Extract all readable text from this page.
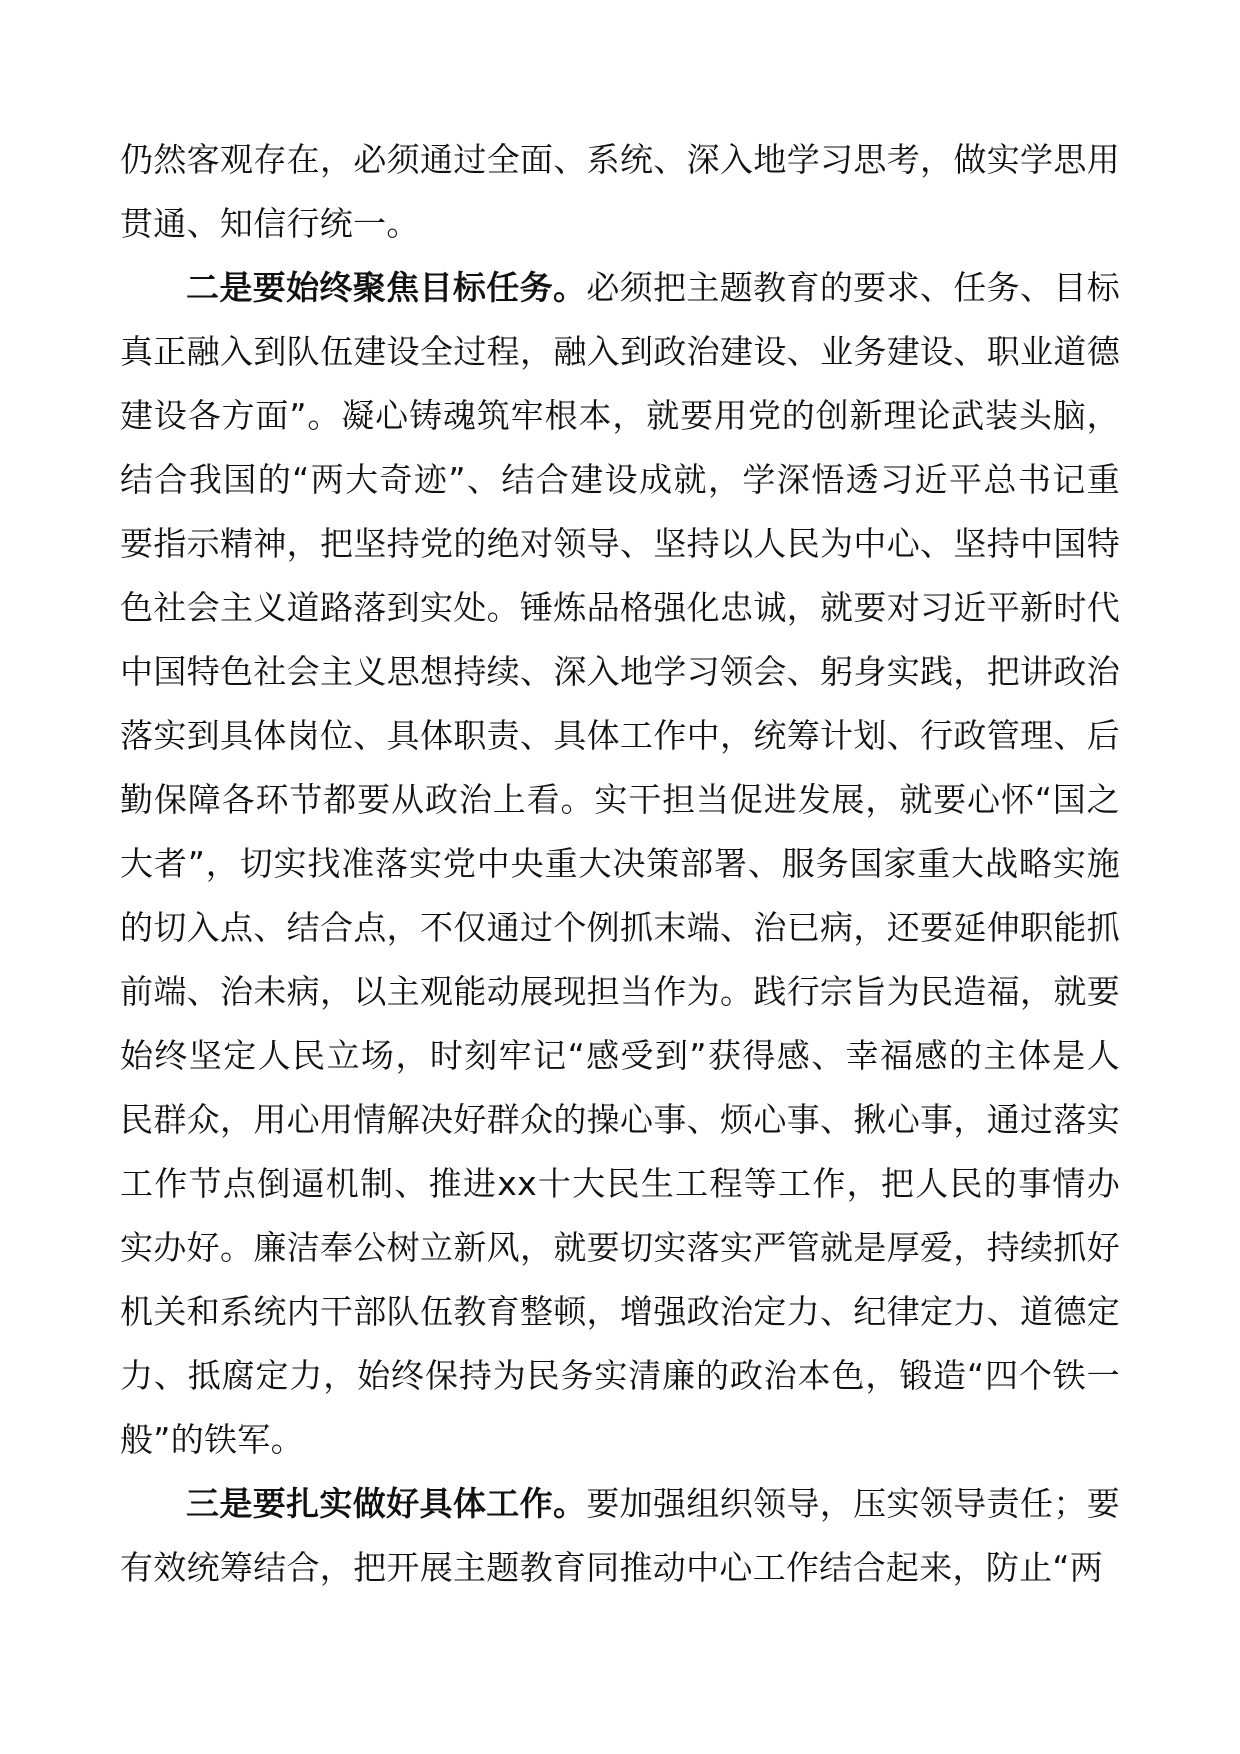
仍然客观存在，必须通过全面、系统、深入地学习思考，做实学思用贯通、知信行统一。

二是要始终聚焦目标任务。必须把主题教育的要求、任务、目标真正融入到队伍建设全过程，融入到政治建设、业务建设、职业道德建设各方面”。凝心铸魂筑牢根本，就要用党的创新理论武装头脑，结合我国的“两大奇迹”、结合建设成就，学深悟透习近平总书记重要指示精神，把坚持党的绝对领导、坚持以人民为中心、坚持中国特色社会主义道路落到实处。锤炼品格强化忠诚，就要对习近平新时代中国特色社会主义思想持续、深入地学习领会、躬身实践，把讲政治落实到具体岗位、具体职责、具体工作中，统筹计划、行政管理、后勤保障各环节都要从政治上看。实干担当促进发展，就要心怀“国之大者”，切实找准落实党中央重大决策部署、服务国家重大战略实施的切入点、结合点，不仅通过个例抓末端、治已病，还要延伸职能抓前端、治未病，以主观能动展现担当作为。践行宗旨为民造福，就要始终坚定人民立场，时刻牢记“感受到”获得感、幸福感的主体是人民群众，用心用情解决好群众的操心事、烦心事、揪心事，通过落实工作节点倒逼机制、推进xx十大民生工程等工作，把人民的事情办实办好。廉洁奉公树立新风，就要切实落实严管就是厚爱，持续抓好机关和系统内干部队伍教育整顿，增强政治定力、纪律定力、道德定力、抵腐定力，始终保持为民务实清廉的政治本色，锻造“四个铁一般”的铁军。

三是要扎实做好具体工作。要加强组织领导，压实领导责任；要有效统筹结合，把开展主题教育同推动中心工作结合起来，防止“两
